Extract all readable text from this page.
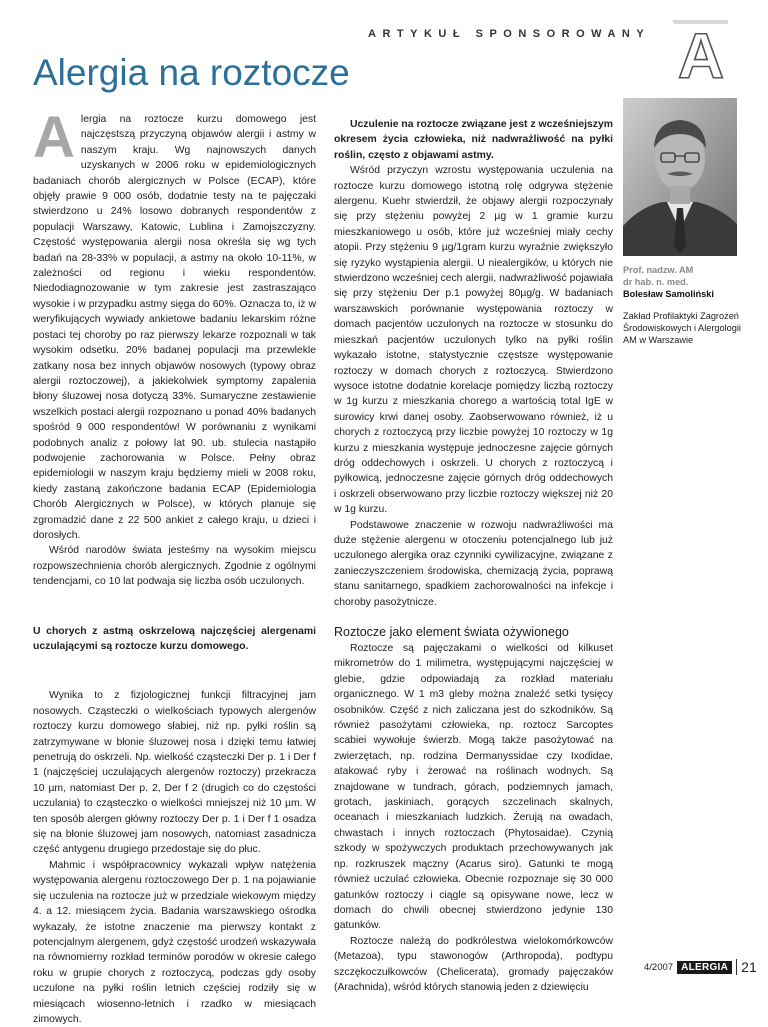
ARTYKUŁ SPONSOROWANY A
Alergia na roztocze

Alergia na roztocze kurzu domowego jest najczęstszą przyczyną objawów alergii i astmy w naszym kraju. Wg najnowszych danych uzyskanych w 2006 roku w epidemiologicznych badaniach chorób alergicznych w Polsce (ECAP), które objęły prawie 9 000 osób, dodatnie testy na te pajęczaki stwierdzono u 24% losowo dobranych respondentów z populacji Warszawy, Katowic, Lublina i Zamojszczyzny. Częstość występowania alergii nosa określa się wg tych badań na 28-33% w populacji, a astmy na około 10-11%, w zależności od regionu i wieku respondentów. Niedodiagnozowanie w tym zakresie jest zastraszająco wysokie i w przypadku astmy sięga do 60%. Oznacza to, iż w weryfikujących wywiady ankietowe badaniu lekarskim różne postaci tej choroby po raz pierwszy lekarze rozpoznali w tak wysokim odsetku. 20% badanej populacji ma przewlekle zatkany nosa bez innych objawów nosowych (typowy obraz alergii roztoczowej), a jakiekolwiek symptomy zapalenia błony śluzowej nosa dotyczą 33%. Sumaryczne zestawienie wszelkich postaci alergii rozpoznano u ponad 40% badanych spośród 9 000 respondentów! W porównaniu z wynikami podobnych analiz z połowy lat 90. ub. stulecia nastąpiło podwojenie zachorowania w Polsce. Pełny obraz epidemiologii w naszym kraju będziemy mieli w 2008 roku, kiedy zastaną zakończone badania ECAP (Epidemiologia Chorób Alergicznych w Polsce), w których planuje się zgromadzić dane z 22 500 ankiet z całego kraju, u dzieci i dorosłych.

Wśród narodów świata jesteśmy na wysokim miejscu rozpowszechnienia chorób alergicznych. Zgodnie z ogólnymi tendencjami, co 10 lat podwaja się liczba osób uczulonych.

U chorych z astmą oskrzelową najczęściej alergenami uczulającymi są roztocze kurzu domowego.

Wynika to z fizjologicznej funkcji filtracyjnej jam nosowych. Cząsteczki o wielkościach typowych alergenów roztoczy kurzu domowego słabiej, niż np. pyłki roślin są zatrzymywane w błonie śluzowej nosa i dzięki temu łatwiej penetrują do oskrzeli. Np. wielkość cząsteczki Der p. 1 i Der f 1 (najczęściej uczulających alergenów roztoczy) przekracza 10 µm, natomiast Der p. 2, Der f 2 (drugich co do częstości uczulania) to cząsteczko o wielkości mniejszej niż 10 µm. W ten sposób alergen główny roztoczy Der p. 1 i Der f 1 osadza się na błonie śluzowej jam nosowych, natomiast zasadnicza część antygenu drugiego przedostaje się do płuc.

Mahmic i współpracownicy wykazali wpływ natężenia występowania alergenu roztoczowego Der p. 1 na pojawianie się uczulenia na roztocze już w przedziale wiekowym między 4. a 12. miesiącem życia. Badania warszawskiego ośrodka wykazały, że istotne znaczenie ma pierwszy kontakt z potencjalnym alergenem, gdyż częstość urodzeń wskazywała na równomierny rozkład terminów porodów w okresie całego roku w grupie chorych z roztoczycą, podczas gdy osoby uczulone na pyłki roślin letnich częściej rodziły się w miesiącach wiosenno-letnich i rzadko w miesiącach zimowych.

Uczulenie na roztocze związane jest z wcześniejszym okresem życia człowieka, niż nadwrażliwość na pyłki roślin, często z objawami astmy.

Wśród przyczyn wzrostu występowania uczulenia na roztocze kurzu domowego istotną rolę odgrywa stężenie alergenu. Kuehr stwierdził, że objawy alergii rozpoczynały się przy stężeniu powyżej 2 µg w 1 gramie kurzu mieszkaniowego u osób, które już wcześniej miały cechy atopii. Przy stężeniu 9 µg/1gram kurzu wyraźnie zwiększyło się ryzyko wystąpienia alergii. U niealergików, u których nie stwierdzono wcześniej cech alergii, nadwrażliwość pojawiała się przy stężeniu Der p.1 powyżej 80µg/g. W badaniach warszawskich porównanie występowania roztoczy w domach pacjentów uczulonych na roztocze w stosunku do mieszkań pacjentów uczulonych tylko na pyłki roślin wykazało istotne, statystycznie częstsze występowanie roztoczy w domach chorych z roztoczycą. Stwierdzono wysoce istotne dodatnie korelacje pomiędzy liczbą roztoczy w 1g kurzu z mieszkania chorego a wartością total IgE w surowicy krwi danej osoby. Zaobserwowano również, iż u chorych z roztoczycą przy liczbie powyżej 10 roztoczy w 1g kurzu z mieszkania występuje jednoczesne zajęcie górnych dróg oddechowych i oskrzeli. U chorych z roztoczycą i pyłkowicą, jednoczesne zajęcie górnych dróg oddechowych i oskrzeli obserwowano przy liczbie roztoczy większej niż 20 w 1g kurzu.

Podstawowe znaczenie w rozwoju nadwrażliwości ma duże stężenie alergenu w otoczeniu potencjalnego lub już uczulonego alergika oraz czynniki cywilizacyjne, związane z zanieczyszczeniem środowiska, chemizacją życia, poprawą stanu sanitarnego, spadkiem zachorowalności na infekcje i choroby pasożytnicze.

Roztocze jako element świata ożywionego

Roztocze są pajęczakami o wielkości od kilkuset mikrometrów do 1 milimetra, występującymi najczęściej w glebie, gdzie odpowiadają za rozkład materiału organicznego. W 1 m3 gleby można znaleźć setki tysięcy osobników. Część z nich zaliczana jest do szkodników. Są również pasożytami człowieka, np. roztocz Sarcoptes scabiei wywołuje świerzb. Mogą także pasożytować na zwierzętach, np. rodzina Dermanyssidae czy Ixodidae, atakować ryby i żerować na roślinach wodnych. Są znajdowane w tundrach, górach, podziemnych jamach, grotach, jaskiniach, gorących szczelinach skalnych, oceanach i mieszkaniach ludzkich. Żerują na owadach, chwastach i innych roztoczach (Phytosaidae). Czynią szkody w spożywczych produktach przechowywanych jak np. rozkruszek mączny (Acarus siro). Gatunki te mogą również uczulać człowieka. Obecnie rozpoznaje się 30 000 gatunków roztoczy i ciągle są opisywane nowe, lecz w domach do chwili obecnej stwierdzono jedynie 130 gatunków.

Roztocze należą do podkrólestwa wielokomórkowców (Metazoa), typu stawonogów (Arthropoda), podtypu szczękoczułkowców (Chelicerata), gromady pajęczaków (Arachnida), wśród których stanowią jeden z dziewięciu

Prof. nadzw. AM
dr hab. n. med.
Bolesław Samoliński
Zakład Profilaktyki Zagrożeń Środowiskowych i Alergologii AM w Warszawie
4/2007 ALERGIA 21
